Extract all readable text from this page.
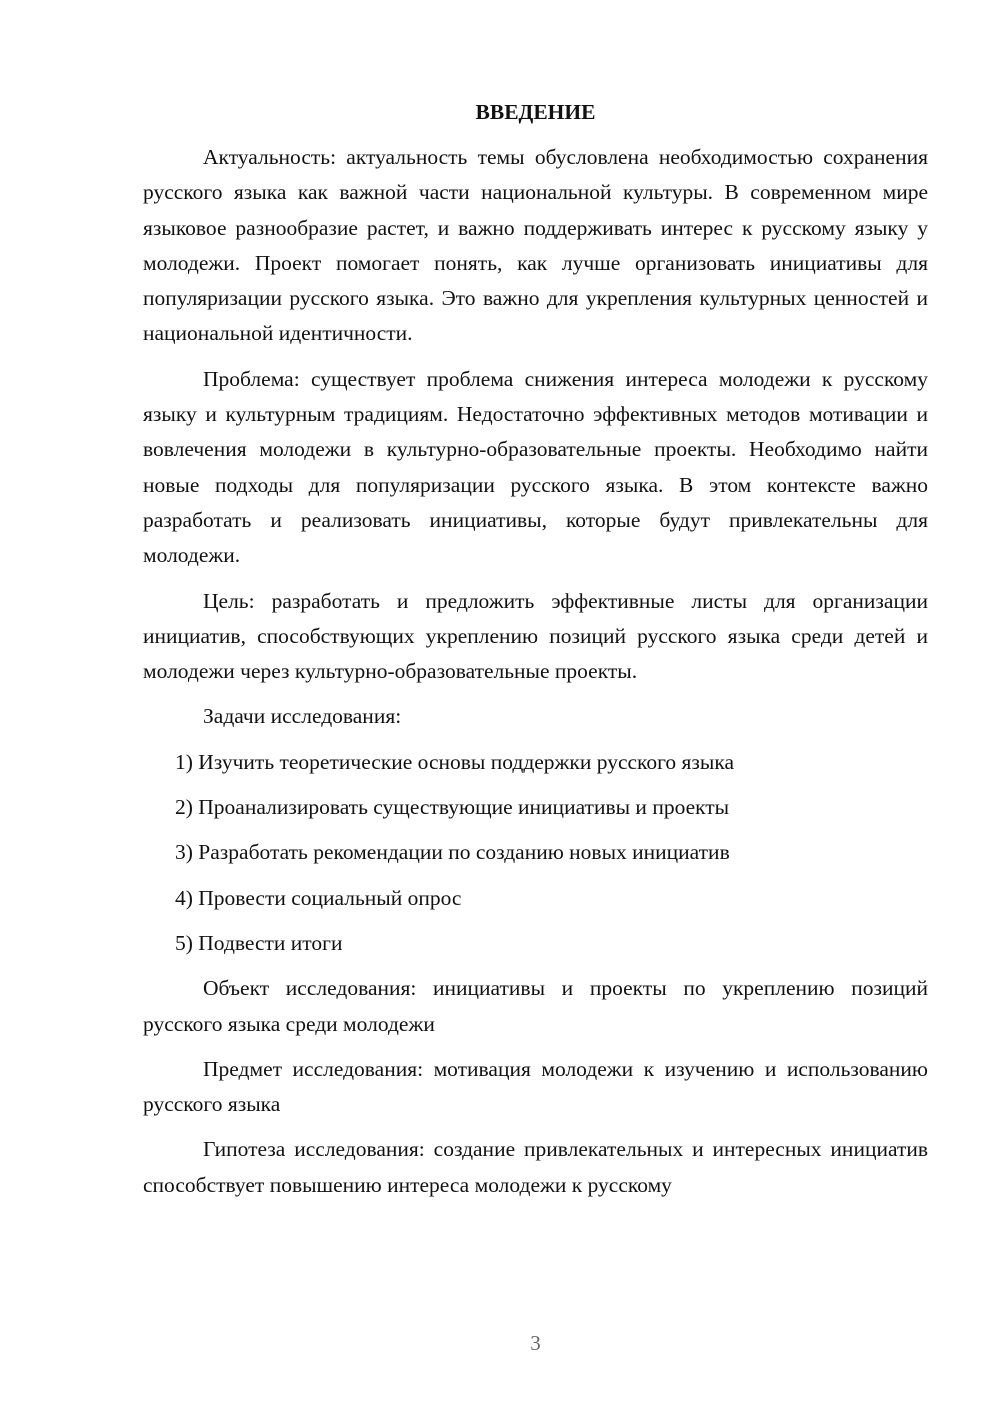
ВВЕДЕНИЕ

Актуальность: актуальность темы обусловлена необходимостью сохранения русского языка как важной части национальной культуры. В современном мире языковое разнообразие растет, и важно поддерживать интерес к русскому языку у молодежи. Проект помогает понять, как лучше организовать инициативы для популяризации русского языка. Это важно для укрепления культурных ценностей и национальной идентичности.

Проблема: существует проблема снижения интереса молодежи к русскому языку и культурным традициям. Недостаточно эффективных методов мотивации и вовлечения молодежи в культурно-образовательные проекты. Необходимо найти новые подходы для популяризации русского языка. В этом контексте важно разработать и реализовать инициативы, которые будут привлекательны для молодежи.

Цель: разработать и предложить эффективные листы для организации инициатив, способствующих укреплению позиций русского языка среди детей и молодежи через культурно-образовательные проекты.

Задачи исследования:

1) Изучить теоретические основы поддержки русского языка
2) Проанализировать существующие инициативы и проекты
3) Разработать рекомендации по созданию новых инициатив
4) Провести социальный опрос
5) Подвести итоги

Объект исследования: инициативы и проекты по укреплению позиций русского языка среди молодежи

Предмет исследования: мотивация молодежи к изучению и использованию русского языка

Гипотеза исследования: создание привлекательных и интересных инициатив способствует повышению интереса молодежи к русскому

3
